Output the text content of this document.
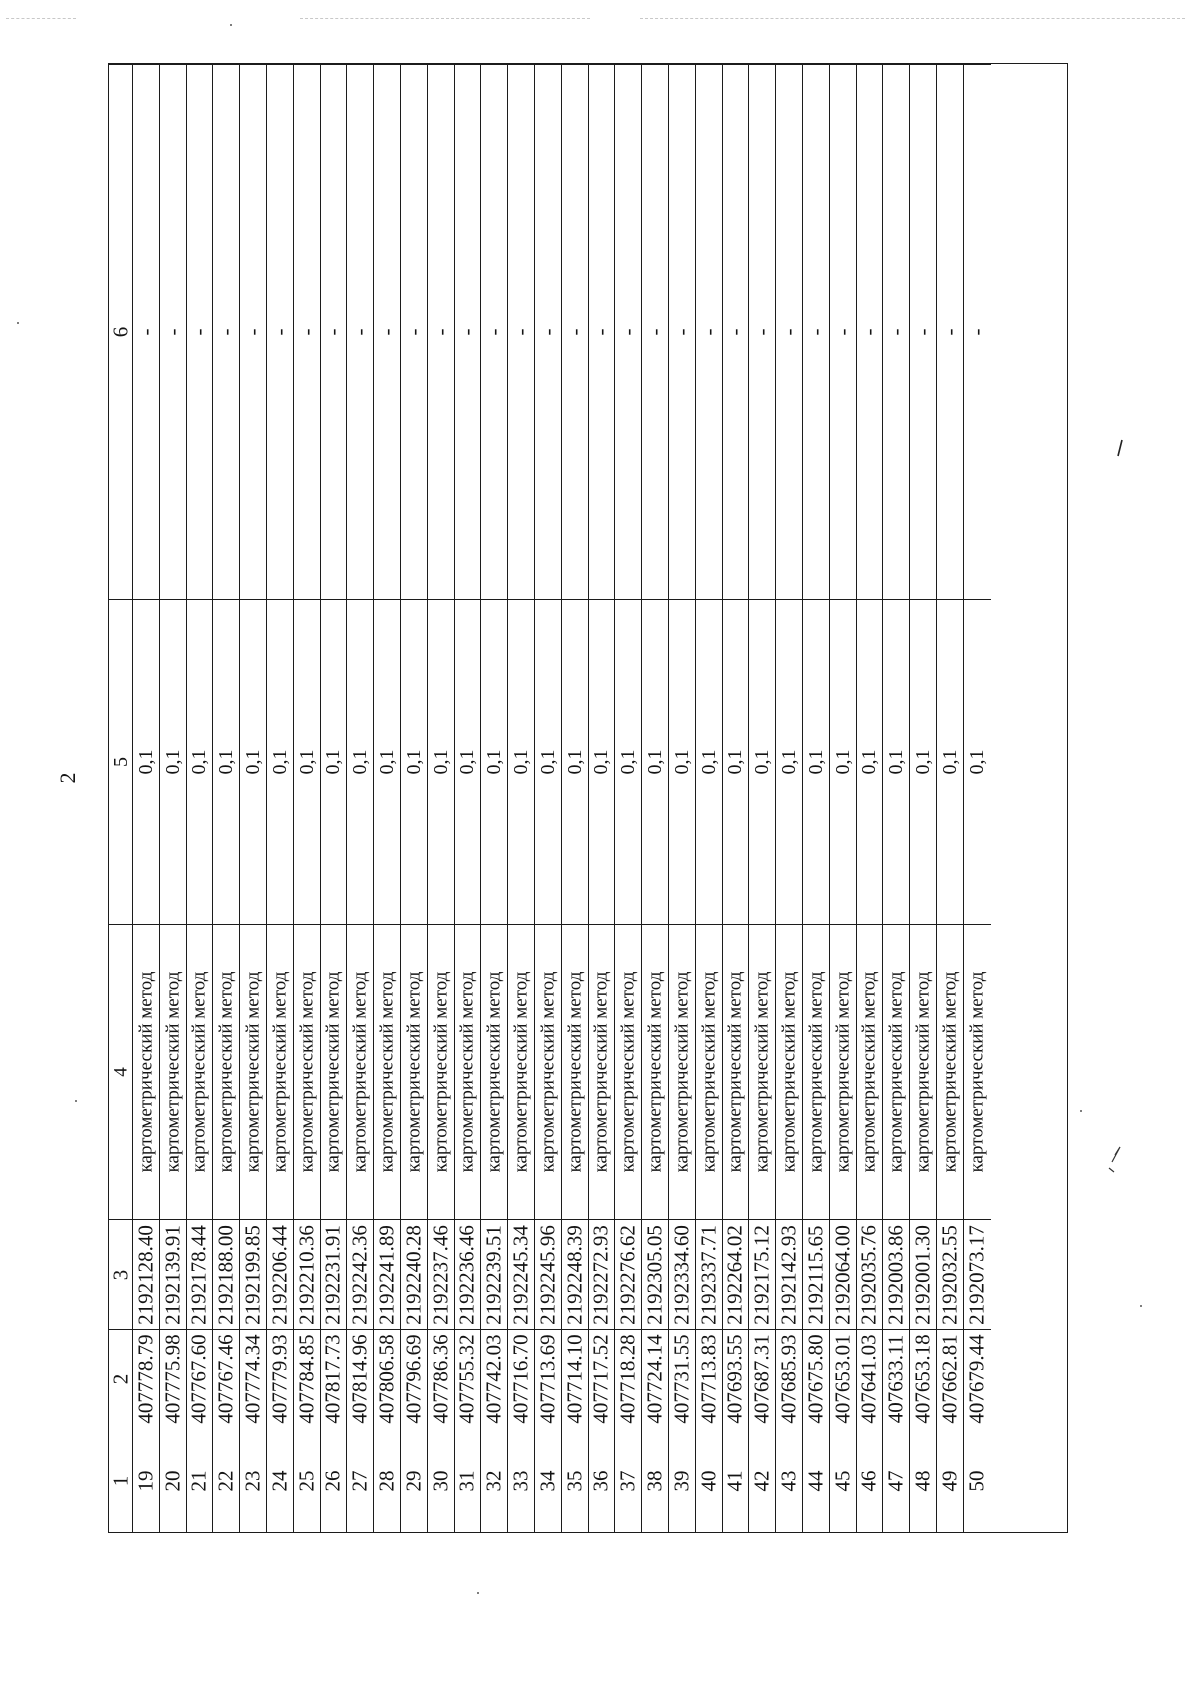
2
1
2
3
4
5
6
19
407778.79
2192128.40
картометрический метод
0,1
-
20
407775.98
2192139.91
картометрический метод
0,1
-
21
407767.60
2192178.44
картометрический метод
0,1
-
22
407767.46
2192188.00
картометрический метод
0,1
-
23
407774.34
2192199.85
картометрический метод
0,1
-
24
407779.93
2192206.44
картометрический метод
0,1
-
25
407784.85
2192210.36
картометрический метод
0,1
-
26
407817.73
2192231.91
картометрический метод
0,1
-
27
407814.96
2192242.36
картометрический метод
0,1
-
28
407806.58
2192241.89
картометрический метод
0,1
-
29
407796.69
2192240.28
картометрический метод
0,1
-
30
407786.36
2192237.46
картометрический метод
0,1
-
31
407755.32
2192236.46
картометрический метод
0,1
-
32
407742.03
2192239.51
картометрический метод
0,1
-
33
407716.70
2192245.34
картометрический метод
0,1
-
34
407713.69
2192245.96
картометрический метод
0,1
-
35
407714.10
2192248.39
картометрический метод
0,1
-
36
407717.52
2192272.93
картометрический метод
0,1
-
37
407718.28
2192276.62
картометрический метод
0,1
-
38
407724.14
2192305.05
картометрический метод
0,1
-
39
407731.55
2192334.60
картометрический метод
0,1
-
40
407713.83
2192337.71
картометрический метод
0,1
-
41
407693.55
2192264.02
картометрический метод
0,1
-
42
407687.31
2192175.12
картометрический метод
0,1
-
43
407685.93
2192142.93
картометрический метод
0,1
-
44
407675.80
2192115.65
картометрический метод
0,1
-
45
407653.01
2192064.00
картометрический метод
0,1
-
46
407641.03
2192035.76
картометрический метод
0,1
-
47
407633.11
2192003.86
картометрический метод
0,1
-
48
407653.18
2192001.30
картометрический метод
0,1
-
49
407662.81
2192032.55
картометрический метод
0,1
-
50
407679.44
2192073.17
картометрический метод
0,1
-
